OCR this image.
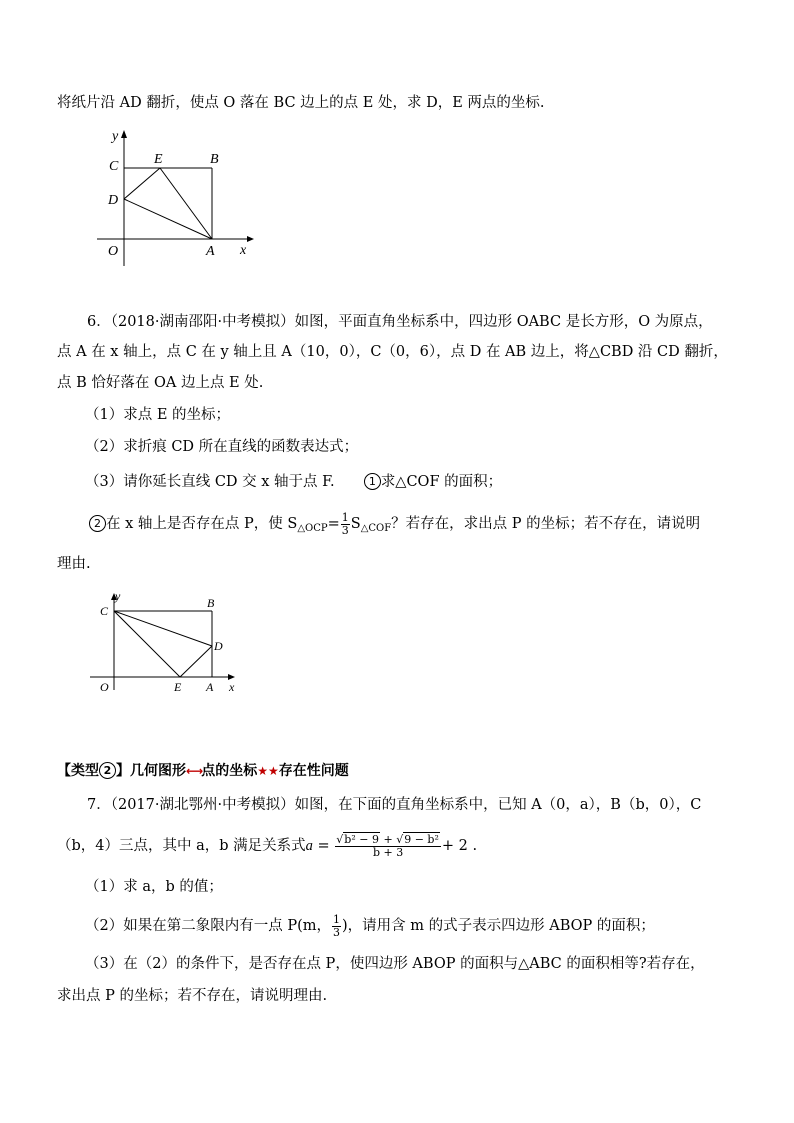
将纸片沿 AD 翻折，使点 O 落在 BC 边上的点 E 处，求 D，E 两点的坐标.
y
x
O	A
B
C
D
E
6．（2018·湖南邵阳·中考模拟）如图，平面直角坐标系中，四边形 OABC 是长方形，O 为原点，
点 A 在 x 轴上，点 C 在 y 轴上且 A（10，0），C（0，6），点 D 在 AB 边上，将△CBD 沿 CD 翻折，
点 B 恰好落在 OA 边上点 E 处.
（1）求点 E 的坐标；
（2）求折痕 CD 所在直线的函数表达式；
（3）请你延长直线 CD 交 x 轴于点 F.	1 求△COF 的面积；
2 在 x 轴上是否存在点 P，使 $S_{\triangle OCP}= \frac{1}{3} S_{\triangle COF}$？若存在，求出点 P 的坐标；若不存在，请说明
理由.
y
x
O
C
B
D
E A
【类型 2 】几何图形⟷点的坐标★★存在性问题
7．（2017·湖北鄂州·中考模拟）如图，在下面的直角坐标系中，已知 A（0，a），B（b，0），C
（b，4）三点，其中 a，b 满足关系式$a = \frac{\text{√b² − 9 + √9 − b²}}{b + 3} + 2$ .
（1）求 a，b 的值；
（2）如果在第二象限内有一点 P(m， $\frac{1}{3}$ )，请用含 m 的式子表示四边形 ABOP 的面积；
（3）在（2）的条件下，是否存在点 P，使四边形 ABOP 的面积与△ABC 的面积相等?若存在，
求出点 P 的坐标；若不存在，请说明理由.
